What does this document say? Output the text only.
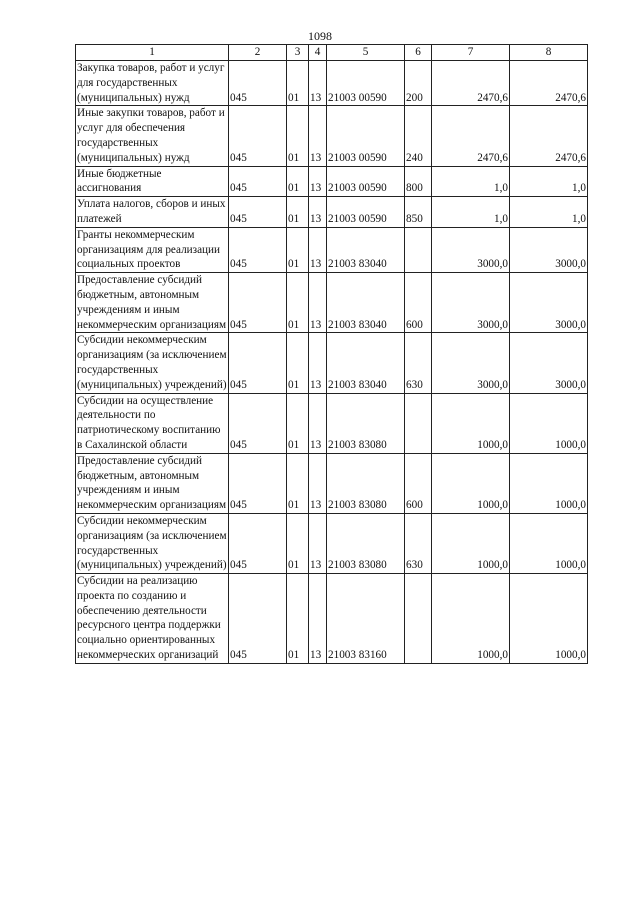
1098
1	2	3	4	5	6	7	8
Закупка товаров, работ и услуг для государственных (муниципальных) нужд	045	01	13	21003 00590	200	2470,6	2470,6
Иные закупки товаров, работ и услуг для обеспечения государственных (муниципальных) нужд	045	01	13	21003 00590	240	2470,6	2470,6
Иные бюджетные ассигнования	045	01	13	21003 00590	800	1,0	1,0
Уплата налогов, сборов и иных платежей	045	01	13	21003 00590	850	1,0	1,0
Гранты некоммерческим организациям для реализации социальных проектов	045	01	13	21003 83040		3000,0	3000,0
Предоставление субсидий бюджетным, автономным учреждениям и иным некоммерческим организациям	045	01	13	21003 83040	600	3000,0	3000,0
Субсидии некоммерческим организациям (за исключением государственных (муниципальных) учреждений)	045	01	13	21003 83040	630	3000,0	3000,0
Субсидии на осуществление деятельности по патриотическому воспитанию в Сахалинской области	045	01	13	21003 83080		1000,0	1000,0
Предоставление субсидий бюджетным, автономным учреждениям и иным некоммерческим организациям	045	01	13	21003 83080	600	1000,0	1000,0
Субсидии некоммерческим организациям (за исключением государственных (муниципальных) учреждений)	045	01	13	21003 83080	630	1000,0	1000,0
Субсидии на реализацию проекта по созданию и обеспечению деятельности ресурсного центра поддержки социально ориентированных некоммерческих организаций	045	01	13	21003 83160		1000,0	1000,0
